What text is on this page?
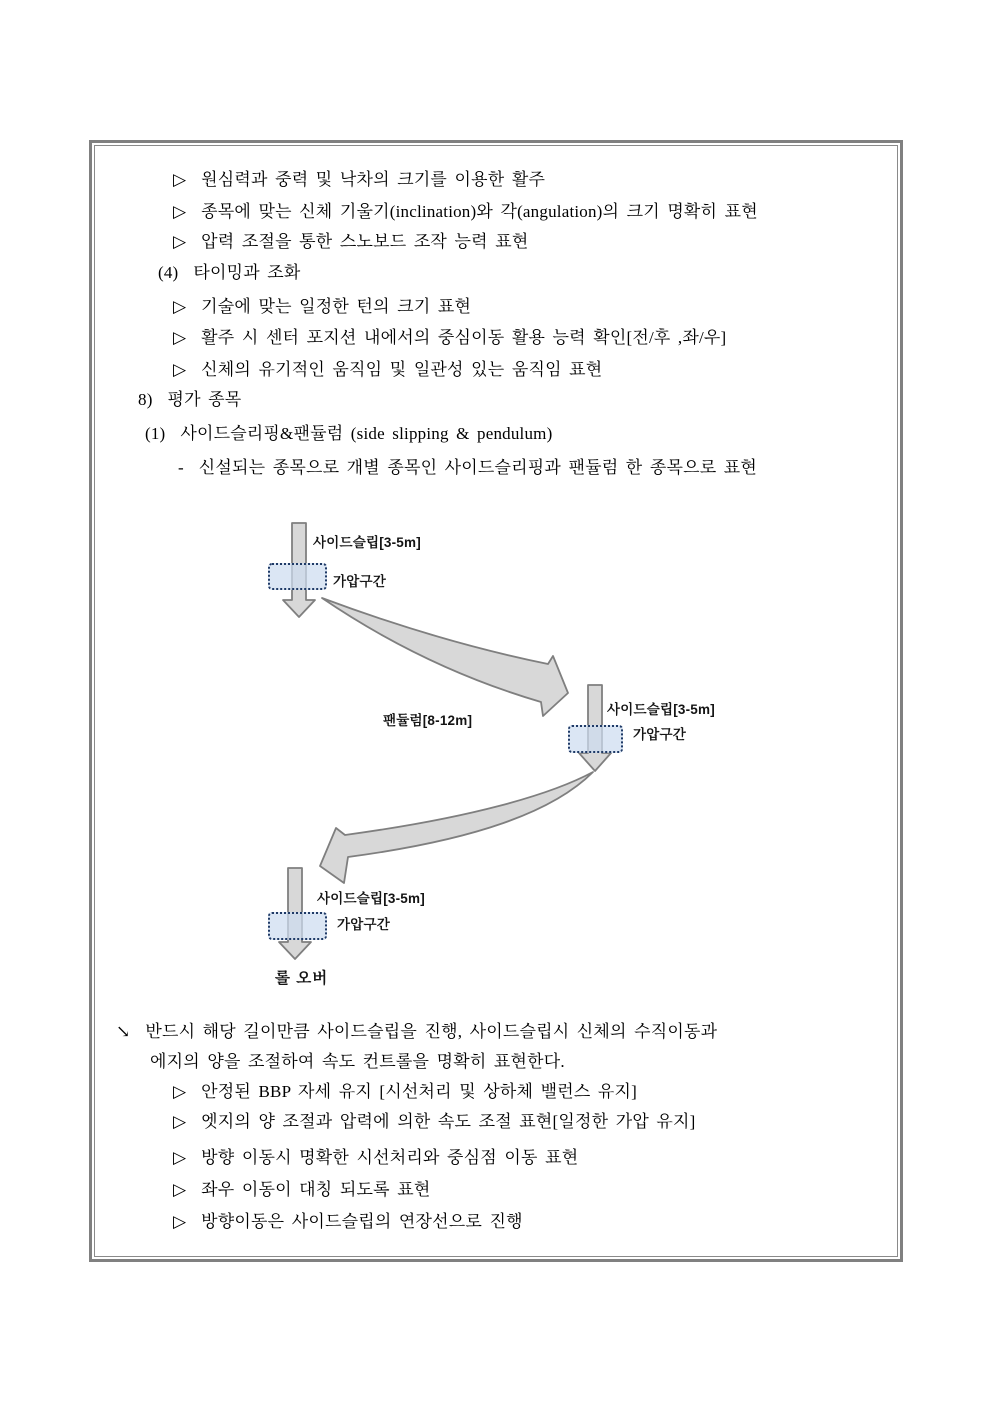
▷  원심력과 중력 및 낙차의 크기를 이용한 활주
▷  종목에 맞는 신체 기울기(inclination)와 각(angulation)의 크기 명확히 표현
▷  압력 조절을 통한 스노보드 조작 능력 표현
(4)  타이밍과 조화
▷  기술에 맞는 일정한 턴의 크기 표현
▷  활주 시 센터 포지션 내에서의 중심이동 활용 능력 확인[전/후 ,좌/우]
▷  신체의 유기적인 움직임 및 일관성 있는 움직임 표현
8)  평가 종목
(1)  사이드슬리핑&팬듈럼 (side slipping & pendulum)
-  신설되는 종목으로 개별 종목인 사이드슬리핑과 팬듈럼 한 종목으로 표현
사이드슬립[3-5m]
가압구간
팬듈럼[8-12m]
사이드슬립[3-5m]
가압구간
사이드슬립[3-5m]
가압구간
롤 오버
↘  반드시 해당 길이만큼 사이드슬립을 진행, 사이드슬립시 신체의 수직이동과
에지의 양을 조절하여 속도 컨트롤을 명확히 표현한다.
▷  안정된 BBP 자세 유지 [시선처리 및 상하체 밸런스 유지]
▷  엣지의 양 조절과 압력에 의한 속도 조절 표현[일정한 가압 유지]
▷  방향 이동시 명확한 시선처리와 중심점 이동 표현
▷  좌우 이동이 대칭 되도록 표현
▷  방향이동은 사이드슬립의 연장선으로 진행
